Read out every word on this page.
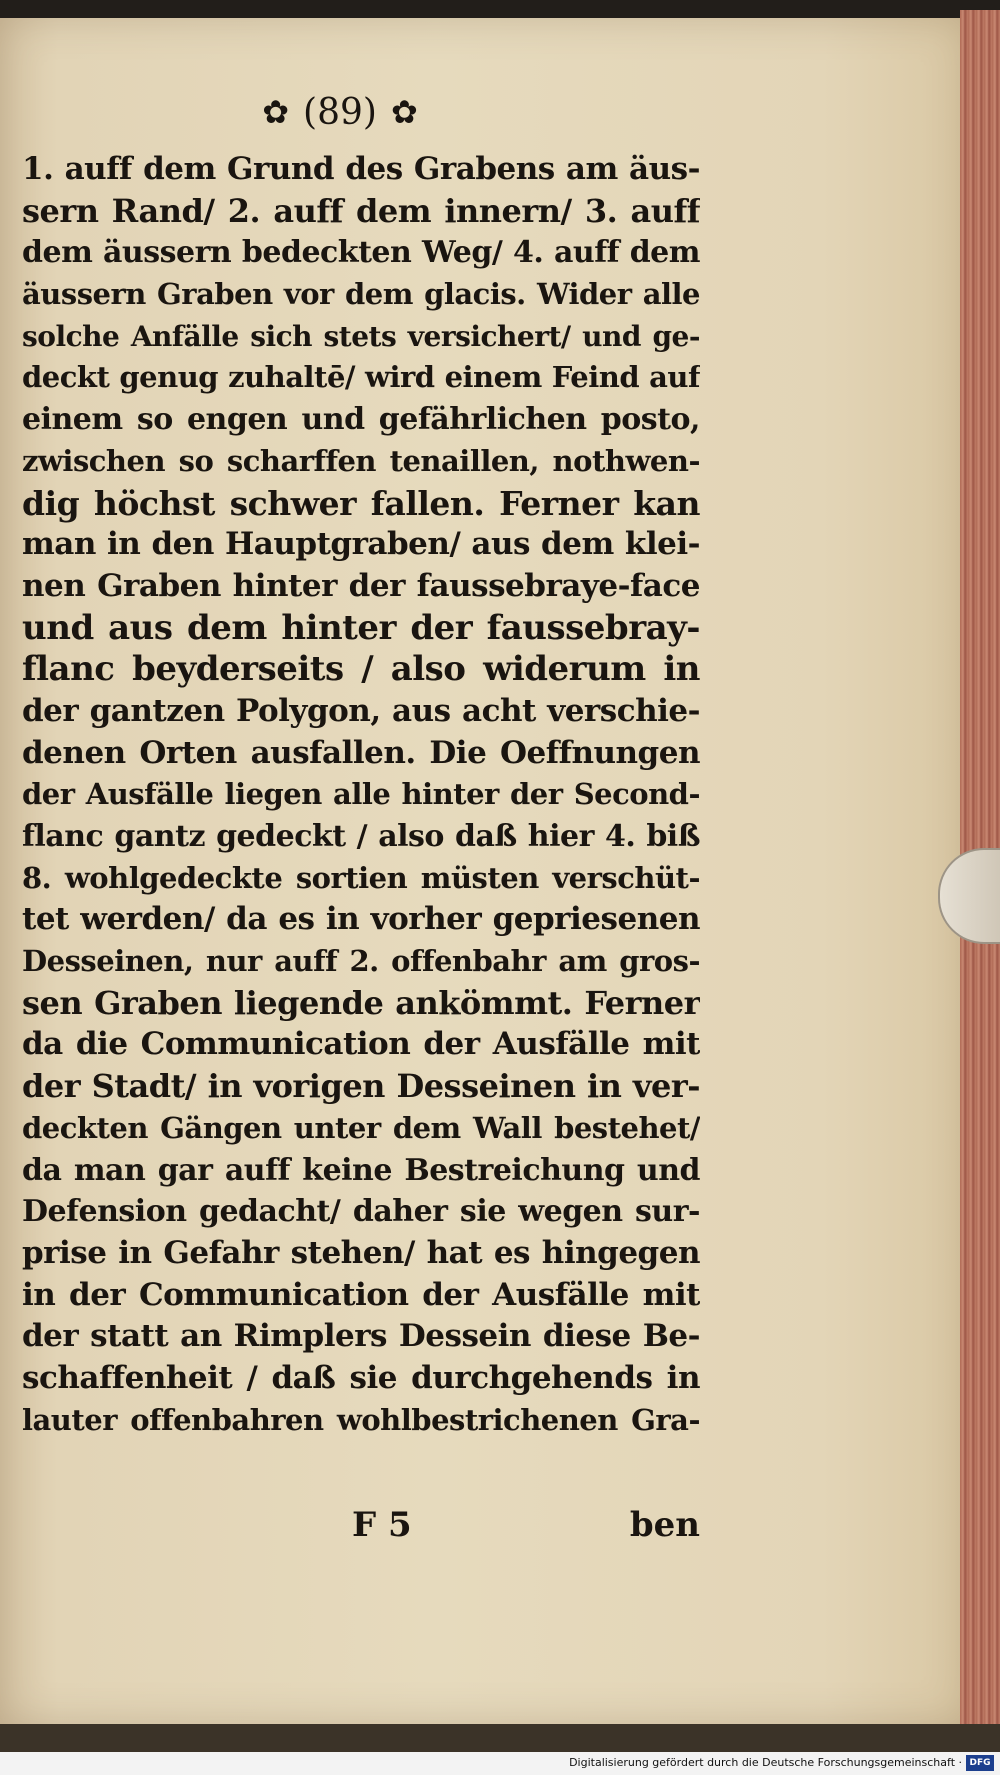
✿ (89) ✿
1. auff dem Grund des Grabens am äus-
sern Rand/ 2. auff dem innern/ 3. auff
dem äussern bedeckten Weg/ 4. auff dem
äussern Graben vor dem glacis. Wider alle
solche Anfälle sich stets versichert/ und ge-
deckt genug zuhaltē/ wird einem Feind auf
einem so engen und gefährlichen posto,
zwischen so scharffen tenaillen, nothwen-
dig höchst schwer fallen. Ferner kan
man in den Hauptgraben/ aus dem klei-
nen Graben hinter der faussebraye-face
und aus dem hinter der faussebray-
flanc beyderseits / also widerum in
der gantzen Polygon, aus acht verschie-
denen Orten ausfallen. Die Oeffnungen
der Ausfälle liegen alle hinter der Second-
flanc gantz gedeckt / also daß hier 4. biß
8. wohlgedeckte sortien müsten verschüt-
tet werden/ da es in vorher gepriesenen
Desseinen, nur auff 2. offenbahr am gros-
sen Graben liegende ankömmt. Ferner
da die Communication der Ausfälle mit
der Stadt/ in vorigen Desseinen in ver-
deckten Gängen unter dem Wall bestehet/
da man gar auff keine Bestreichung und
Defension gedacht/ daher sie wegen sur-
prise in Gefahr stehen/ hat es hingegen
in der Communication der Ausfälle mit
der statt an Rimplers Dessein diese Be-
schaffenheit / daß sie durchgehends in
lauter offenbahren wohlbestrichenen Gra-
F 5	ben
Digitalisierung gefördert durch die Deutsche Forschungsgemeinschaft · DFG
